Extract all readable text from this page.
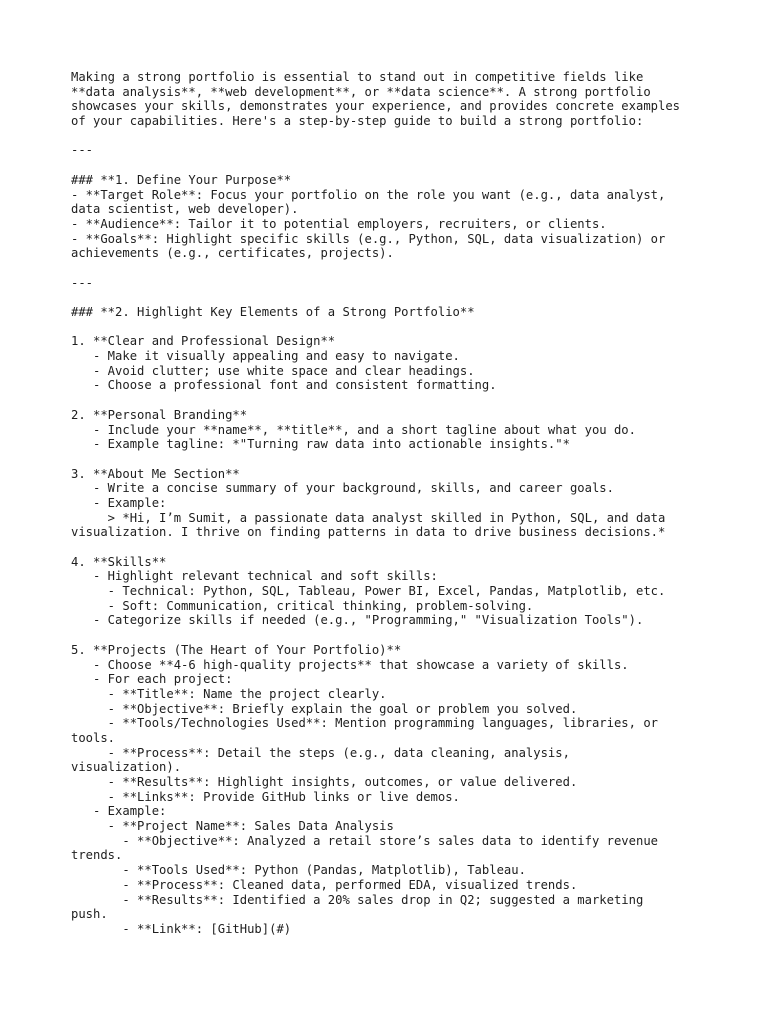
Making a strong portfolio is essential to stand out in competitive fields like
**data analysis**, **web development**, or **data science**. A strong portfolio
showcases your skills, demonstrates your experience, and provides concrete examples
of your capabilities. Here's a step-by-step guide to build a strong portfolio:
---
### **1. Define Your Purpose**
- **Target Role**: Focus your portfolio on the role you want (e.g., data analyst,
data scientist, web developer).
- **Audience**: Tailor it to potential employers, recruiters, or clients.
- **Goals**: Highlight specific skills (e.g., Python, SQL, data visualization) or
achievements (e.g., certificates, projects).
---
### **2. Highlight Key Elements of a Strong Portfolio**
1. **Clear and Professional Design**
- Make it visually appealing and easy to navigate.
- Avoid clutter; use white space and clear headings.
- Choose a professional font and consistent formatting.
2. **Personal Branding**
- Include your **name**, **title**, and a short tagline about what you do.
- Example tagline: *"Turning raw data into actionable insights."*
3. **About Me Section**
- Write a concise summary of your background, skills, and career goals.
- Example:
> *Hi, I’m Sumit, a passionate data analyst skilled in Python, SQL, and data
visualization. I thrive on finding patterns in data to drive business decisions.*
4. **Skills**
- Highlight relevant technical and soft skills:
- Technical: Python, SQL, Tableau, Power BI, Excel, Pandas, Matplotlib, etc.
- Soft: Communication, critical thinking, problem-solving.
- Categorize skills if needed (e.g., "Programming," "Visualization Tools").
5. **Projects (The Heart of Your Portfolio)**
- Choose **4-6 high-quality projects** that showcase a variety of skills.
- For each project:
- **Title**: Name the project clearly.
- **Objective**: Briefly explain the goal or problem you solved.
- **Tools/Technologies Used**: Mention programming languages, libraries, or
tools.
- **Process**: Detail the steps (e.g., data cleaning, analysis,
visualization).
- **Results**: Highlight insights, outcomes, or value delivered.
- **Links**: Provide GitHub links or live demos.
- Example:
- **Project Name**: Sales Data Analysis
- **Objective**: Analyzed a retail store’s sales data to identify revenue
trends.
- **Tools Used**: Python (Pandas, Matplotlib), Tableau.
- **Process**: Cleaned data, performed EDA, visualized trends.
- **Results**: Identified a 20% sales drop in Q2; suggested a marketing
push.
- **Link**: [GitHub](#)
